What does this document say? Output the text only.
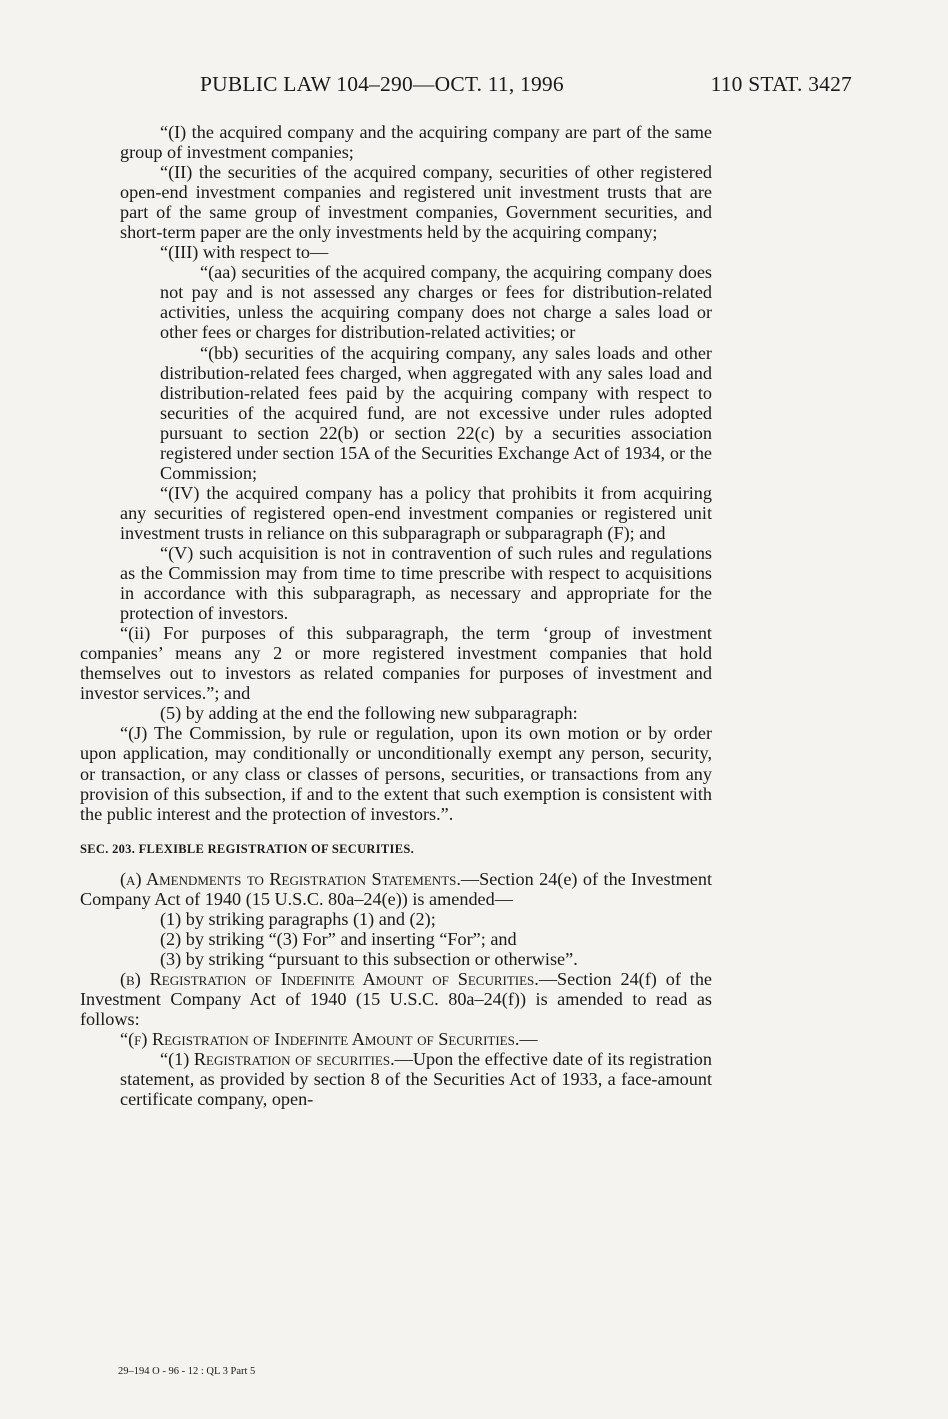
PUBLIC LAW 104–290—OCT. 11, 1996	110 STAT. 3427

“(I) the acquired company and the acquiring company are part of the same group of investment companies;

“(II) the securities of the acquired company, securities of other registered open-end investment companies and registered unit investment trusts that are part of the same group of investment companies, Government securities, and short-term paper are the only investments held by the acquiring company;

“(III) with respect to—

“(aa) securities of the acquired company, the acquiring company does not pay and is not assessed any charges or fees for distribution-related activities, unless the acquiring company does not charge a sales load or other fees or charges for distribution-related activities; or

“(bb) securities of the acquiring company, any sales loads and other distribution-related fees charged, when aggregated with any sales load and distribution-related fees paid by the acquiring company with respect to securities of the acquired fund, are not excessive under rules adopted pursuant to section 22(b) or section 22(c) by a securities association registered under section 15A of the Securities Exchange Act of 1934, or the Commission;

“(IV) the acquired company has a policy that prohibits it from acquiring any securities of registered open-end investment companies or registered unit investment trusts in reliance on this subparagraph or subparagraph (F); and

“(V) such acquisition is not in contravention of such rules and regulations as the Commission may from time to time prescribe with respect to acquisitions in accordance with this subparagraph, as necessary and appropriate for the protection of investors.

“(ii) For purposes of this subparagraph, the term ‘group of investment companies’ means any 2 or more registered investment companies that hold themselves out to investors as related companies for purposes of investment and investor services.”; and

(5) by adding at the end the following new subparagraph:

“(J) The Commission, by rule or regulation, upon its own motion or by order upon application, may conditionally or unconditionally exempt any person, security, or transaction, or any class or classes of persons, securities, or transactions from any provision of this subsection, if and to the extent that such exemption is consistent with the public interest and the protection of investors.”.

SEC. 203. FLEXIBLE REGISTRATION OF SECURITIES.

(a) Amendments to Registration Statements.—Section 24(e) of the Investment Company Act of 1940 (15 U.S.C. 80a–24(e)) is amended—

(1) by striking paragraphs (1) and (2);

(2) by striking “(3) For” and inserting “For”; and

(3) by striking “pursuant to this subsection or otherwise”.

(b) Registration of Indefinite Amount of Securities.—Section 24(f) of the Investment Company Act of 1940 (15 U.S.C. 80a–24(f)) is amended to read as follows:

“(f) Registration of Indefinite Amount of Securities.—

“(1) Registration of securities.—Upon the effective date of its registration statement, as provided by section 8 of the Securities Act of 1933, a face-amount certificate company, open-

29–194 O - 96 - 12 : QL 3 Part 5
